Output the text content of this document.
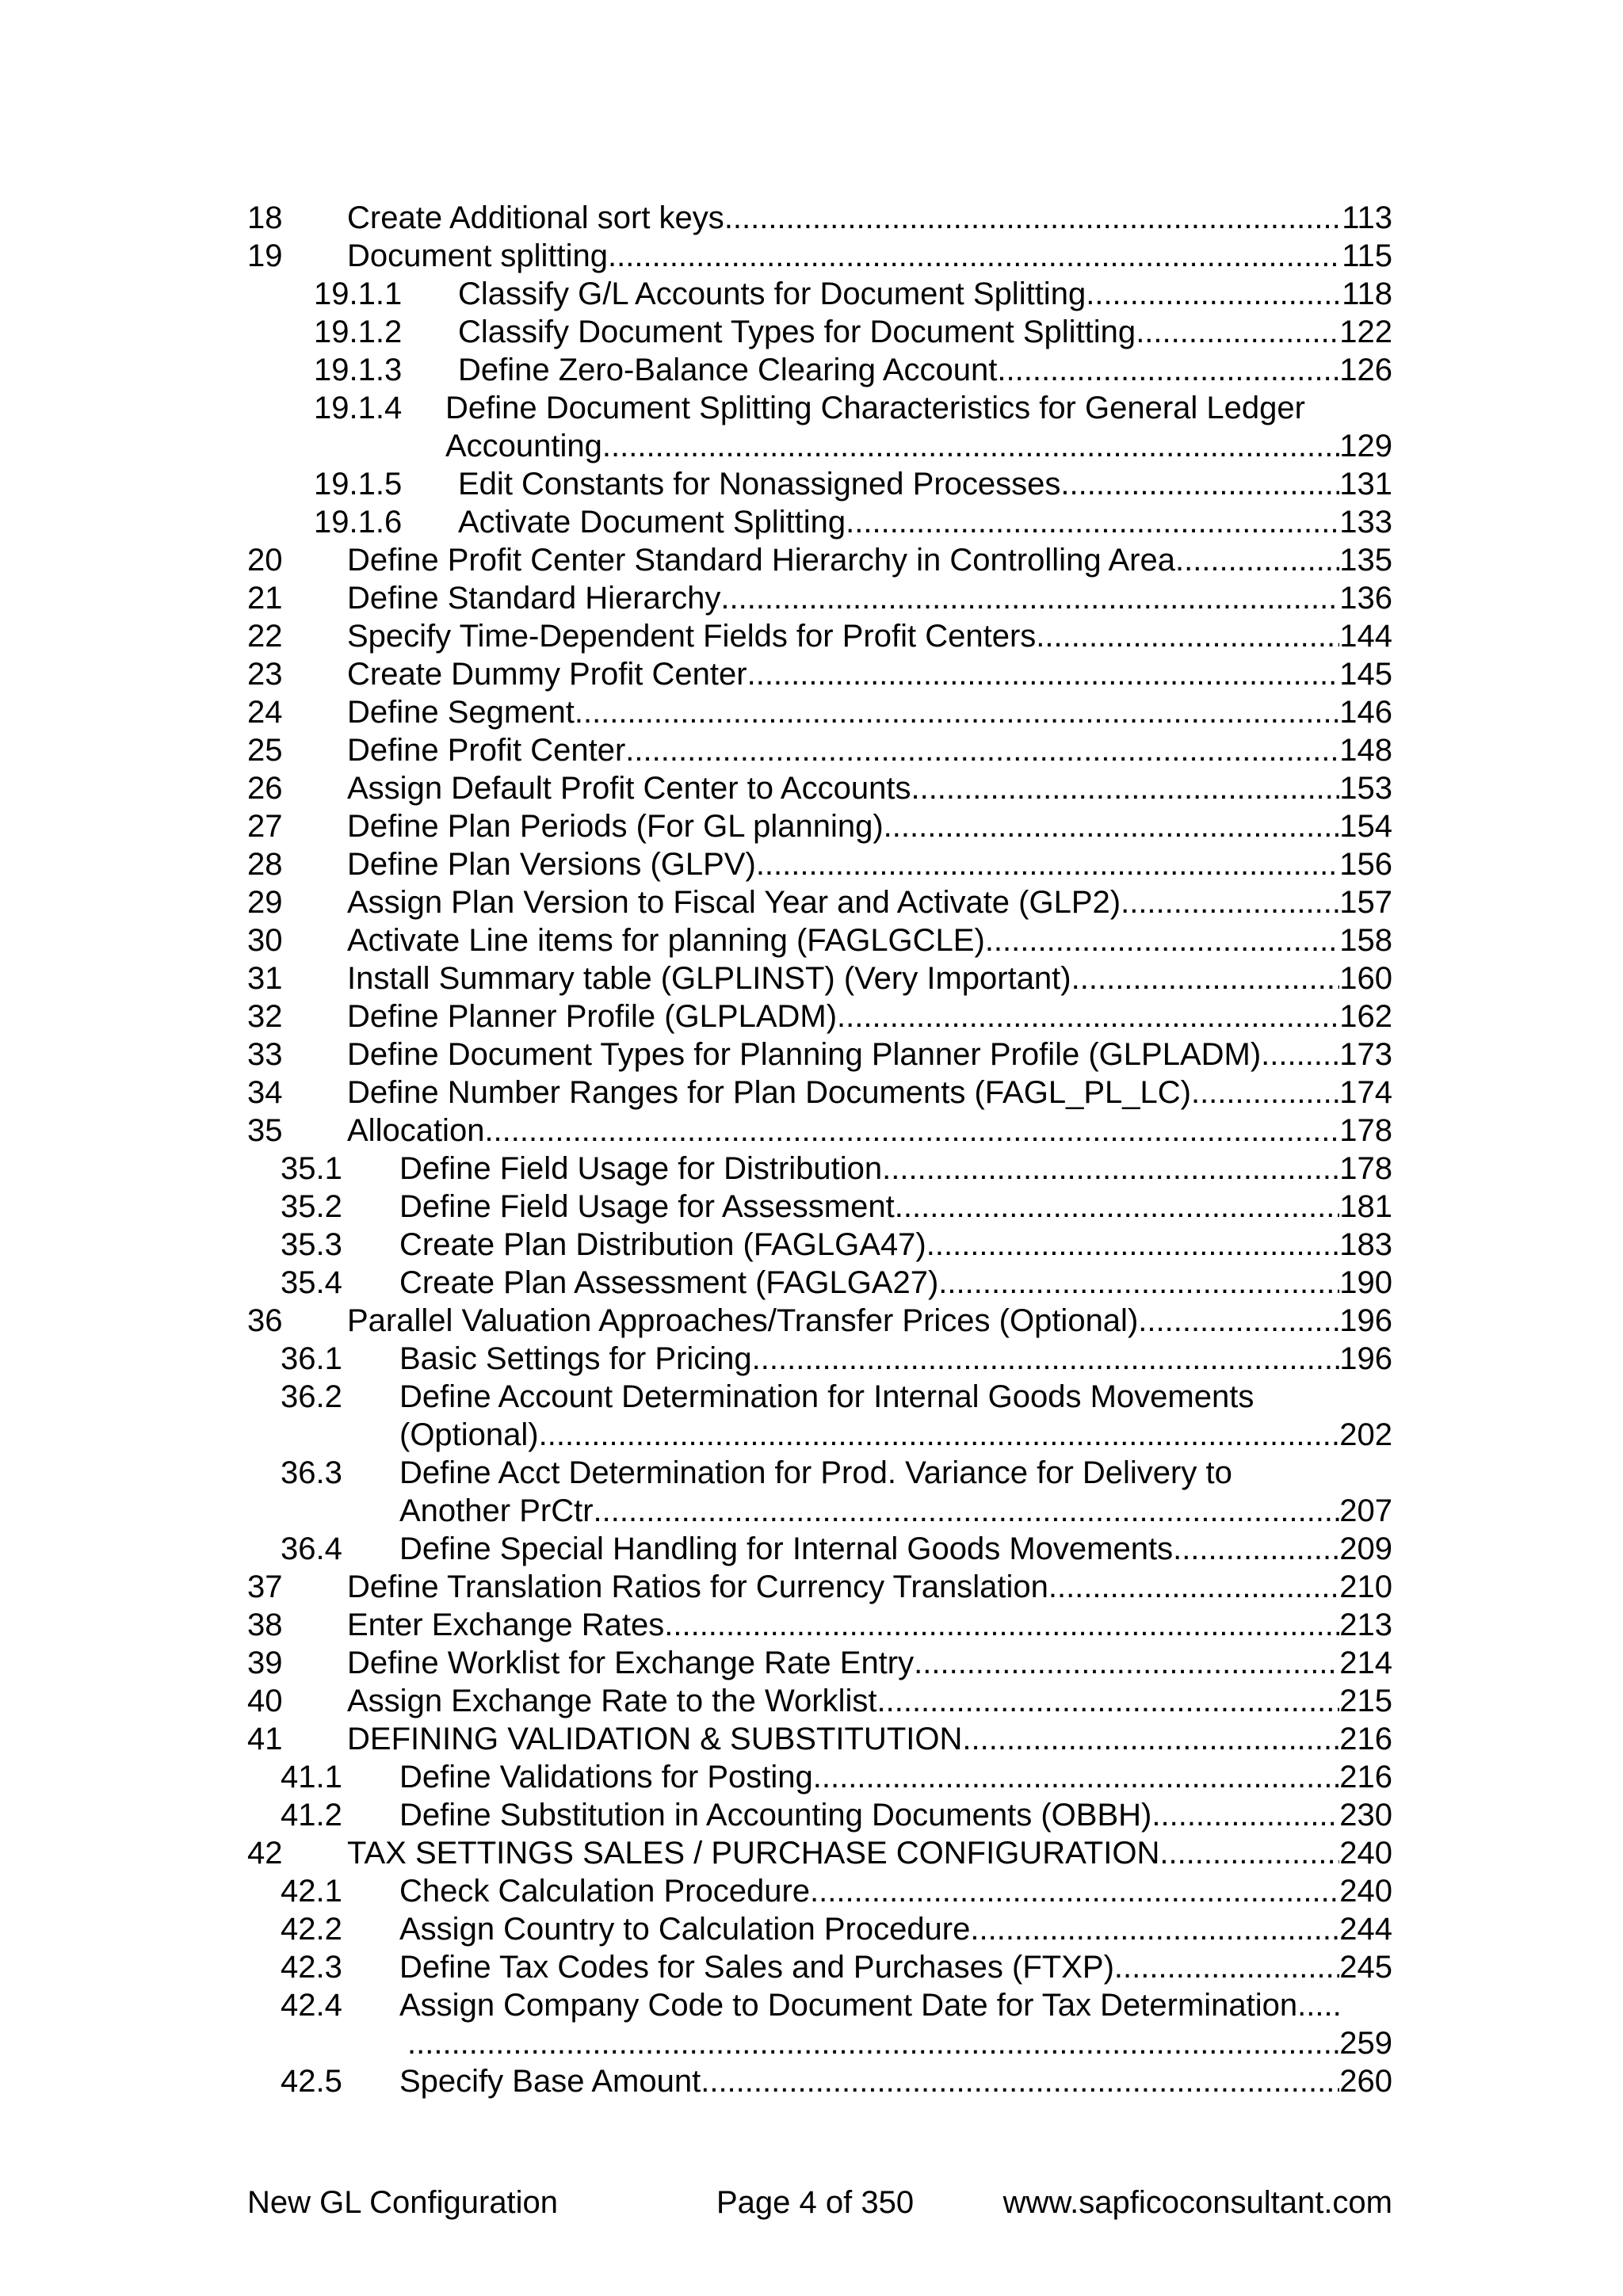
18	Create Additional sort keys .....	113
19	Document splitting .....	115
19.1.1	Classify G/L Accounts for Document Splitting .....	118
19.1.2	Classify Document Types for Document Splitting .....	122
19.1.3	Define Zero-Balance Clearing Account .....	126
19.1.4	Define Document Splitting Characteristics for General Ledger
Accounting .....	129
19.1.5	Edit Constants for Nonassigned Processes .....	131
19.1.6	Activate Document Splitting .....	133
20	Define Profit Center Standard Hierarchy in Controlling Area. .....	135
21	Define Standard Hierarchy .....	136
22	Specify Time-Dependent Fields for Profit Centers .....	144
23	Create Dummy Profit Center .....	145
24	Define Segment .....	146
25	Define Profit Center .....	148
26	Assign Default Profit Center to Accounts .....	153
27	Define Plan Periods (For GL planning) .....	154
28	Define Plan Versions (GLPV) .....	156
29	Assign Plan Version to Fiscal Year and Activate (GLP2) .....	157
30	Activate Line items for planning (FAGLGCLE) .....	158
31	Install Summary table (GLPLINST) (Very Important) .....	160
32	Define Planner Profile (GLPLADM) .....	162
33	Define Document Types for Planning Planner Profile (GLPLADM) ..... 173
34	Define Number Ranges for Plan Documents (FAGL_PL_LC) .....	174
35	Allocation .....	178
35.1	Define Field Usage for Distribution .....	178
35.2	Define Field Usage for Assessment .....	181
35.3	Create Plan Distribution (FAGLGA47) .....	183
35.4	Create Plan Assessment (FAGLGA27) .....	190
36	Parallel Valuation Approaches/Transfer Prices (Optional) .....	196
36.1	Basic Settings for Pricing .....	196
36.2	Define Account Determination for Internal Goods Movements
(Optional) .....	202
36.3	Define Acct Determination for Prod. Variance for Delivery to
Another PrCtr .....	207
36.4	Define Special Handling for Internal Goods Movements .....	209
37	Define Translation Ratios for Currency Translation .....	210
38	Enter Exchange Rates .....	213
39	Define Worklist for Exchange Rate Entry .....	214
40	Assign Exchange Rate to the Worklist .....	215
41	DEFINING VALIDATION & SUBSTITUTION .....	216
41.1	Define Validations for Posting .....	216
41.2	Define Substitution in Accounting Documents (OBBH) .....	230
42	TAX SETTINGS SALES / PURCHASE CONFIGURATION .....	240
42.1	Check Calculation Procedure .....	240
42.2	Assign Country to Calculation Procedure .....	244
42.3	Define Tax Codes for Sales and Purchases (FTXP) .....	245
42.4	Assign Company Code to Document Date for Tax Determination.....
.....
259
42.5	Specify Base Amount .....	260
New GL Configuration	Page 4 of 350	www.sapficoconsultant.com
